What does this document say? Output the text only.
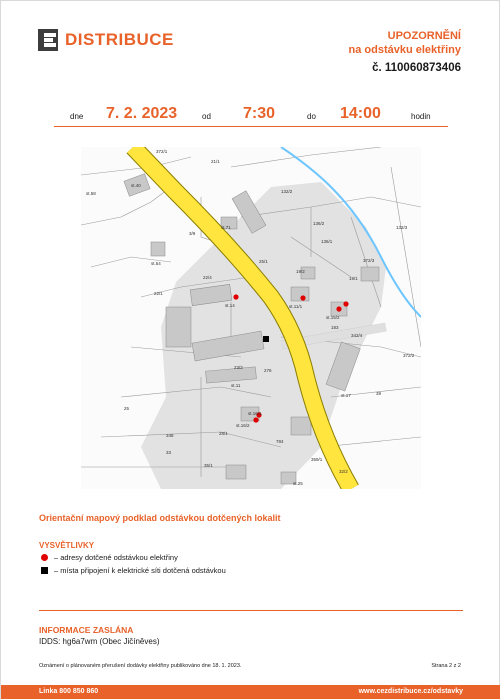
DISTRIBUCE	UPOZORNĚNÍ
na odstávku elektřiny
č. 110060873406
dne 7. 2. 2023	od 7:30	do 14:00	hodin
372/1
21/1
st.58
st.40
132/2
st.71
3/9
136/2
136/1
132/3
st.54
22/4
25/1
19/2
372/3
19/1
22/1
st.14	st.11/1
st.15/2
183
342/4
372/2
23/2
st.17
276
st.11
39
25
st.16/1
st.16/2
348	28/1
784
33
35/1
359/1
32/2
st.25
Orientační mapový podklad odstávkou dotčených lokalit
VYSVĚTLIVKY
– adresy dotčené odstávkou elektřiny
– místa připojení k elektrické síti dotčená odstávkou
INFORMACE ZASLÁNA
IDDS: hg6a7wm (Obec Jičíněves)
Oznámení o plánovaném přerušení dodávky elektřiny publikováno dne 18. 1. 2023.	Strana 2 z 2
Linka 800 850 860	www.cezdistribuce.cz/odstavky
